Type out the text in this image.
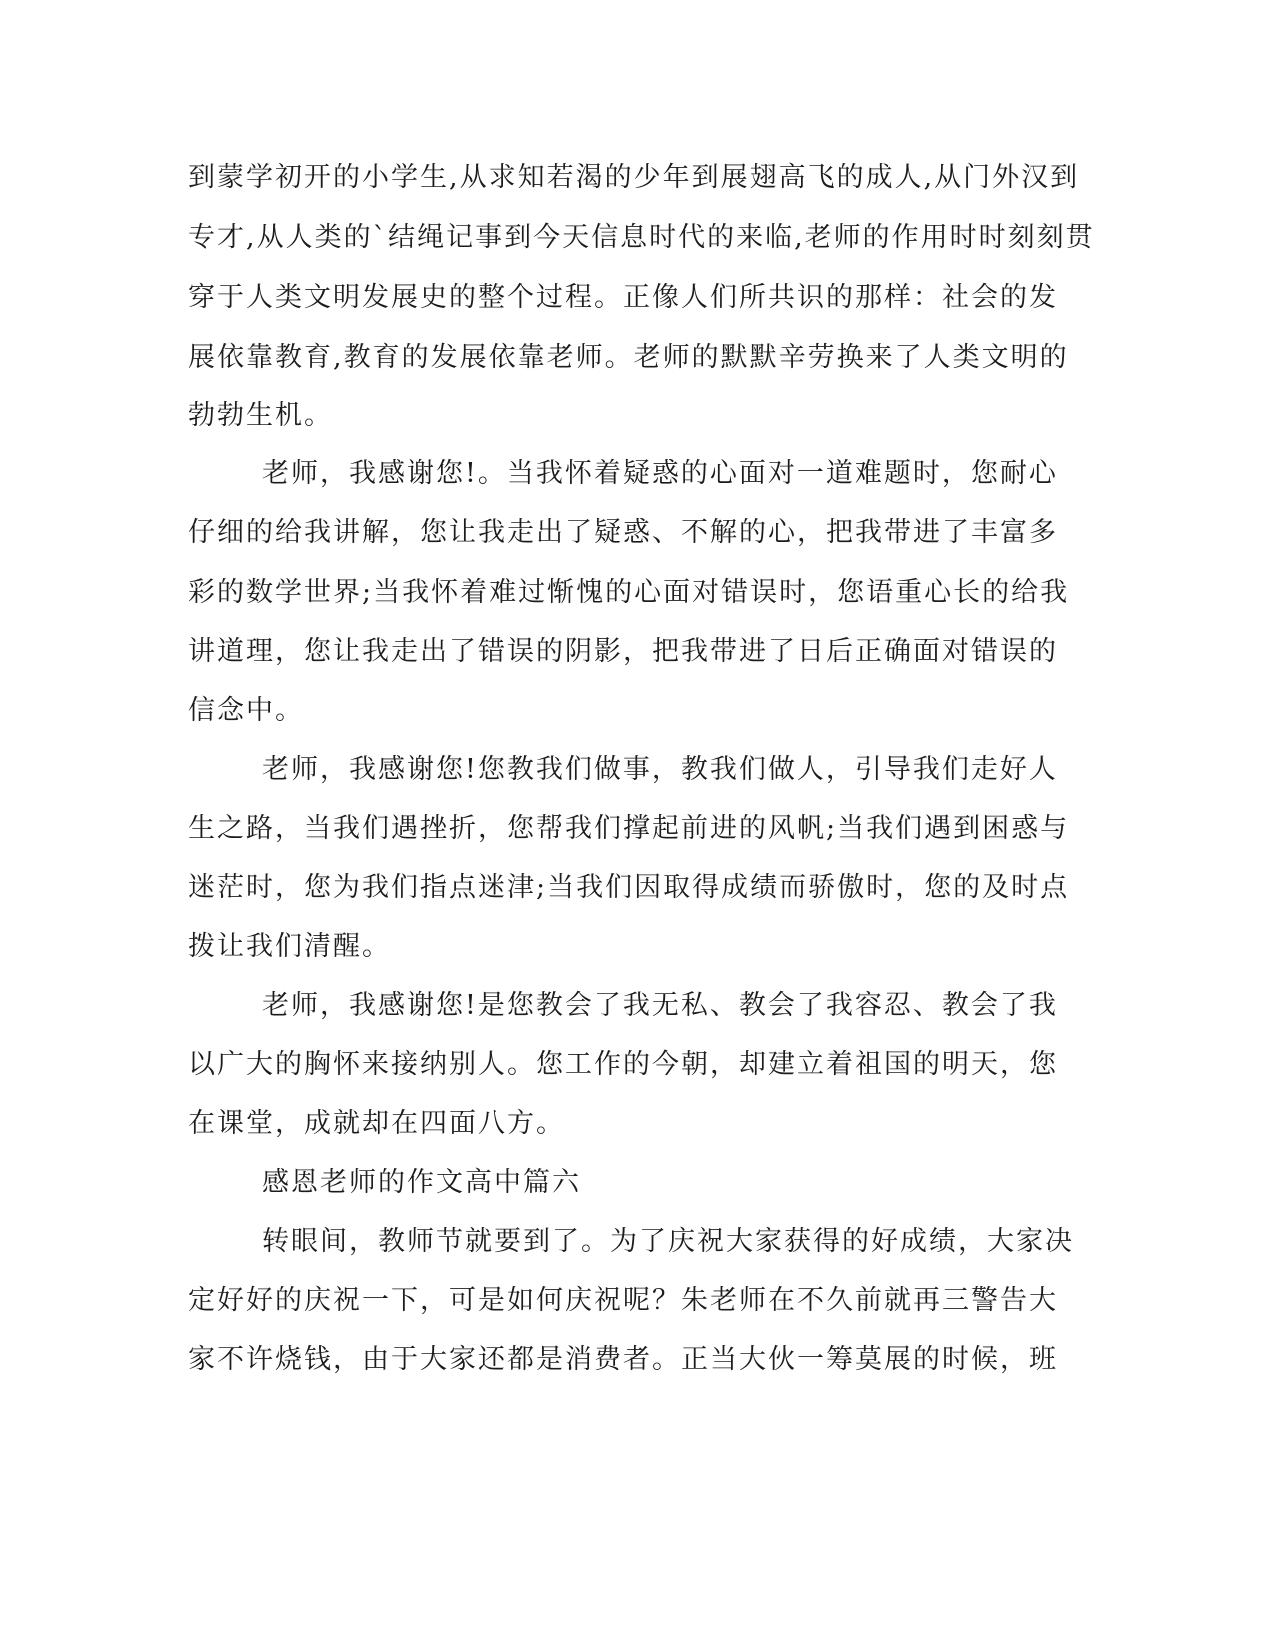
到蒙学初开的小学生,从求知若渴的少年到展翅高飞的成人,从门外汉到

专才,从人类的`结绳记事到今天信息时代的来临,老师的作用时时刻刻贯

穿于人类文明发展史的整个过程。正像人们所共识的那样：社会的发

展依靠教育,教育的发展依靠老师。老师的默默辛劳换来了人类文明的

勃勃生机。

老师，我感谢您!。当我怀着疑惑的心面对一道难题时，您耐心

仔细的给我讲解，您让我走出了疑惑、不解的心，把我带进了丰富多

彩的数学世界;当我怀着难过惭愧的心面对错误时，您语重心长的给我

讲道理，您让我走出了错误的阴影，把我带进了日后正确面对错误的

信念中。

老师，我感谢您!您教我们做事，教我们做人，引导我们走好人

生之路，当我们遇挫折，您帮我们撑起前进的风帆;当我们遇到困惑与

迷茫时，您为我们指点迷津;当我们因取得成绩而骄傲时，您的及时点

拨让我们清醒。

老师，我感谢您!是您教会了我无私、教会了我容忍、教会了我

以广大的胸怀来接纳别人。您工作的今朝，却建立着祖国的明天，您

在课堂，成就却在四面八方。

感恩老师的作文高中篇六

转眼间，教师节就要到了。为了庆祝大家获得的好成绩，大家决

定好好的庆祝一下，可是如何庆祝呢？朱老师在不久前就再三警告大

家不许烧钱，由于大家还都是消费者。正当大伙一筹莫展的时候，班
